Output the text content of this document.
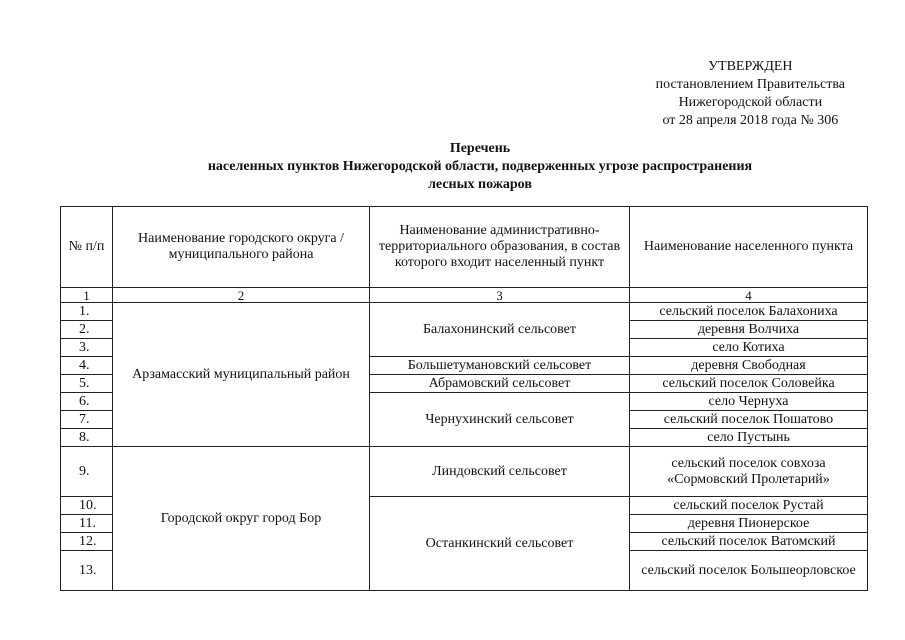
УТВЕРЖДЕН
постановлением Правительства
Нижегородской области
от 28 апреля 2018 года № 306
Перечень
населенных пунктов Нижегородской области, подверженных угрозе распространения
лесных пожаров
№ п/п	Наименование городского округа / муниципального района	Наименование административно-территориального образования, в состав которого входит населенный пункт	Наименование населенного пункта
1	2	3	4
1.	Арзамасский муниципальный район	Балахонинский сельсовет	сельский поселок Балахониха
2.			деревня Волчиха
3.			село Котиха
4.		Большетумановский сельсовет	деревня Свободная
5.		Абрамовский сельсовет	сельский поселок Соловейка
6.		Чернухинский сельсовет	село Чернуха
7.			сельский поселок Пошатово
8.			село Пустынь
9.	Городской округ город Бор	Линдовский сельсовет	сельский поселок совхоза «Сормовский Пролетарий»
10.		Останкинский сельсовет	сельский поселок Рустай
11.			деревня Пионерское
12.			сельский поселок Ватомский
13.			сельский поселок Большеорловское
